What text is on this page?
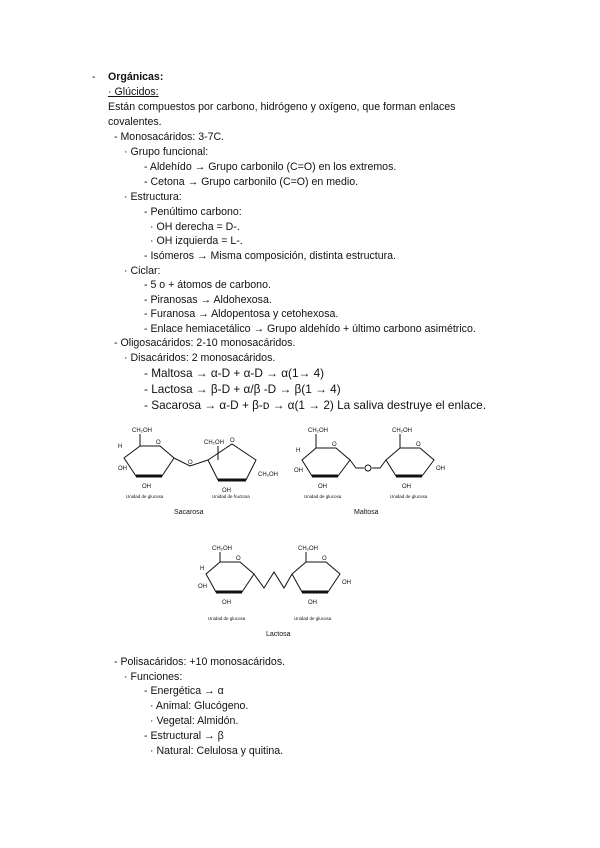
- Orgánicas:
· Glúcidos:
Están compuestos por carbono, hidrógeno y oxígeno, que forman enlaces
covalentes.
- Monosacáridos: 3-7C.
· Grupo funcional:
- Aldehído → Grupo carbonilo (C=O) en los extremos.
- Cetona → Grupo carbonilo (C=O) en medio.
· Estructura:
- Penúltimo carbono:
· OH derecha = D-.
· OH izquierda = L-.
- Isómeros → Misma composición, distinta estructura.
· Ciclar:
- 5 o + átomos de carbono.
- Piranosas → Aldohexosa.
- Furanosa → Aldopentosa y cetohexosa.
- Enlace hemiacetálico → Grupo aldehído + último carbono asimétrico.
- Oligosacáridos: 2-10 monosacáridos.
· Disacáridos: 2 monosacáridos.
- Maltosa → α-D + α-D → α(1→ 4)
- Lactosa → β-D + α/β -D → β(1 → 4)
- Sacarosa → α-D + β-ᴅ → α(1 → 2) La saliva destruye el enlace.
CH₂OH
CH₂OH
H
OH
O	O
O
OH
OH
CH₂OH
Unidad de glucosa	Unidad de fructosa
Sacarosa
CH₂OH	CH₂OH
O	O
H
OH
OH	OH
OH
Unidad de glucosa	Unidad de glucosa
Maltosa
CH₂OH	CH₂OH
O	O
H
OH
OH	OH
OH
Unidad de glucosa	Unidad de glucosa
Lactosa
- Polisacáridos: +10 monosacáridos.
· Funciones:
- Energética → α
· Animal: Glucógeno.
· Vegetal: Almidón.
- Estructural → β
· Natural: Celulosa y quitina.
